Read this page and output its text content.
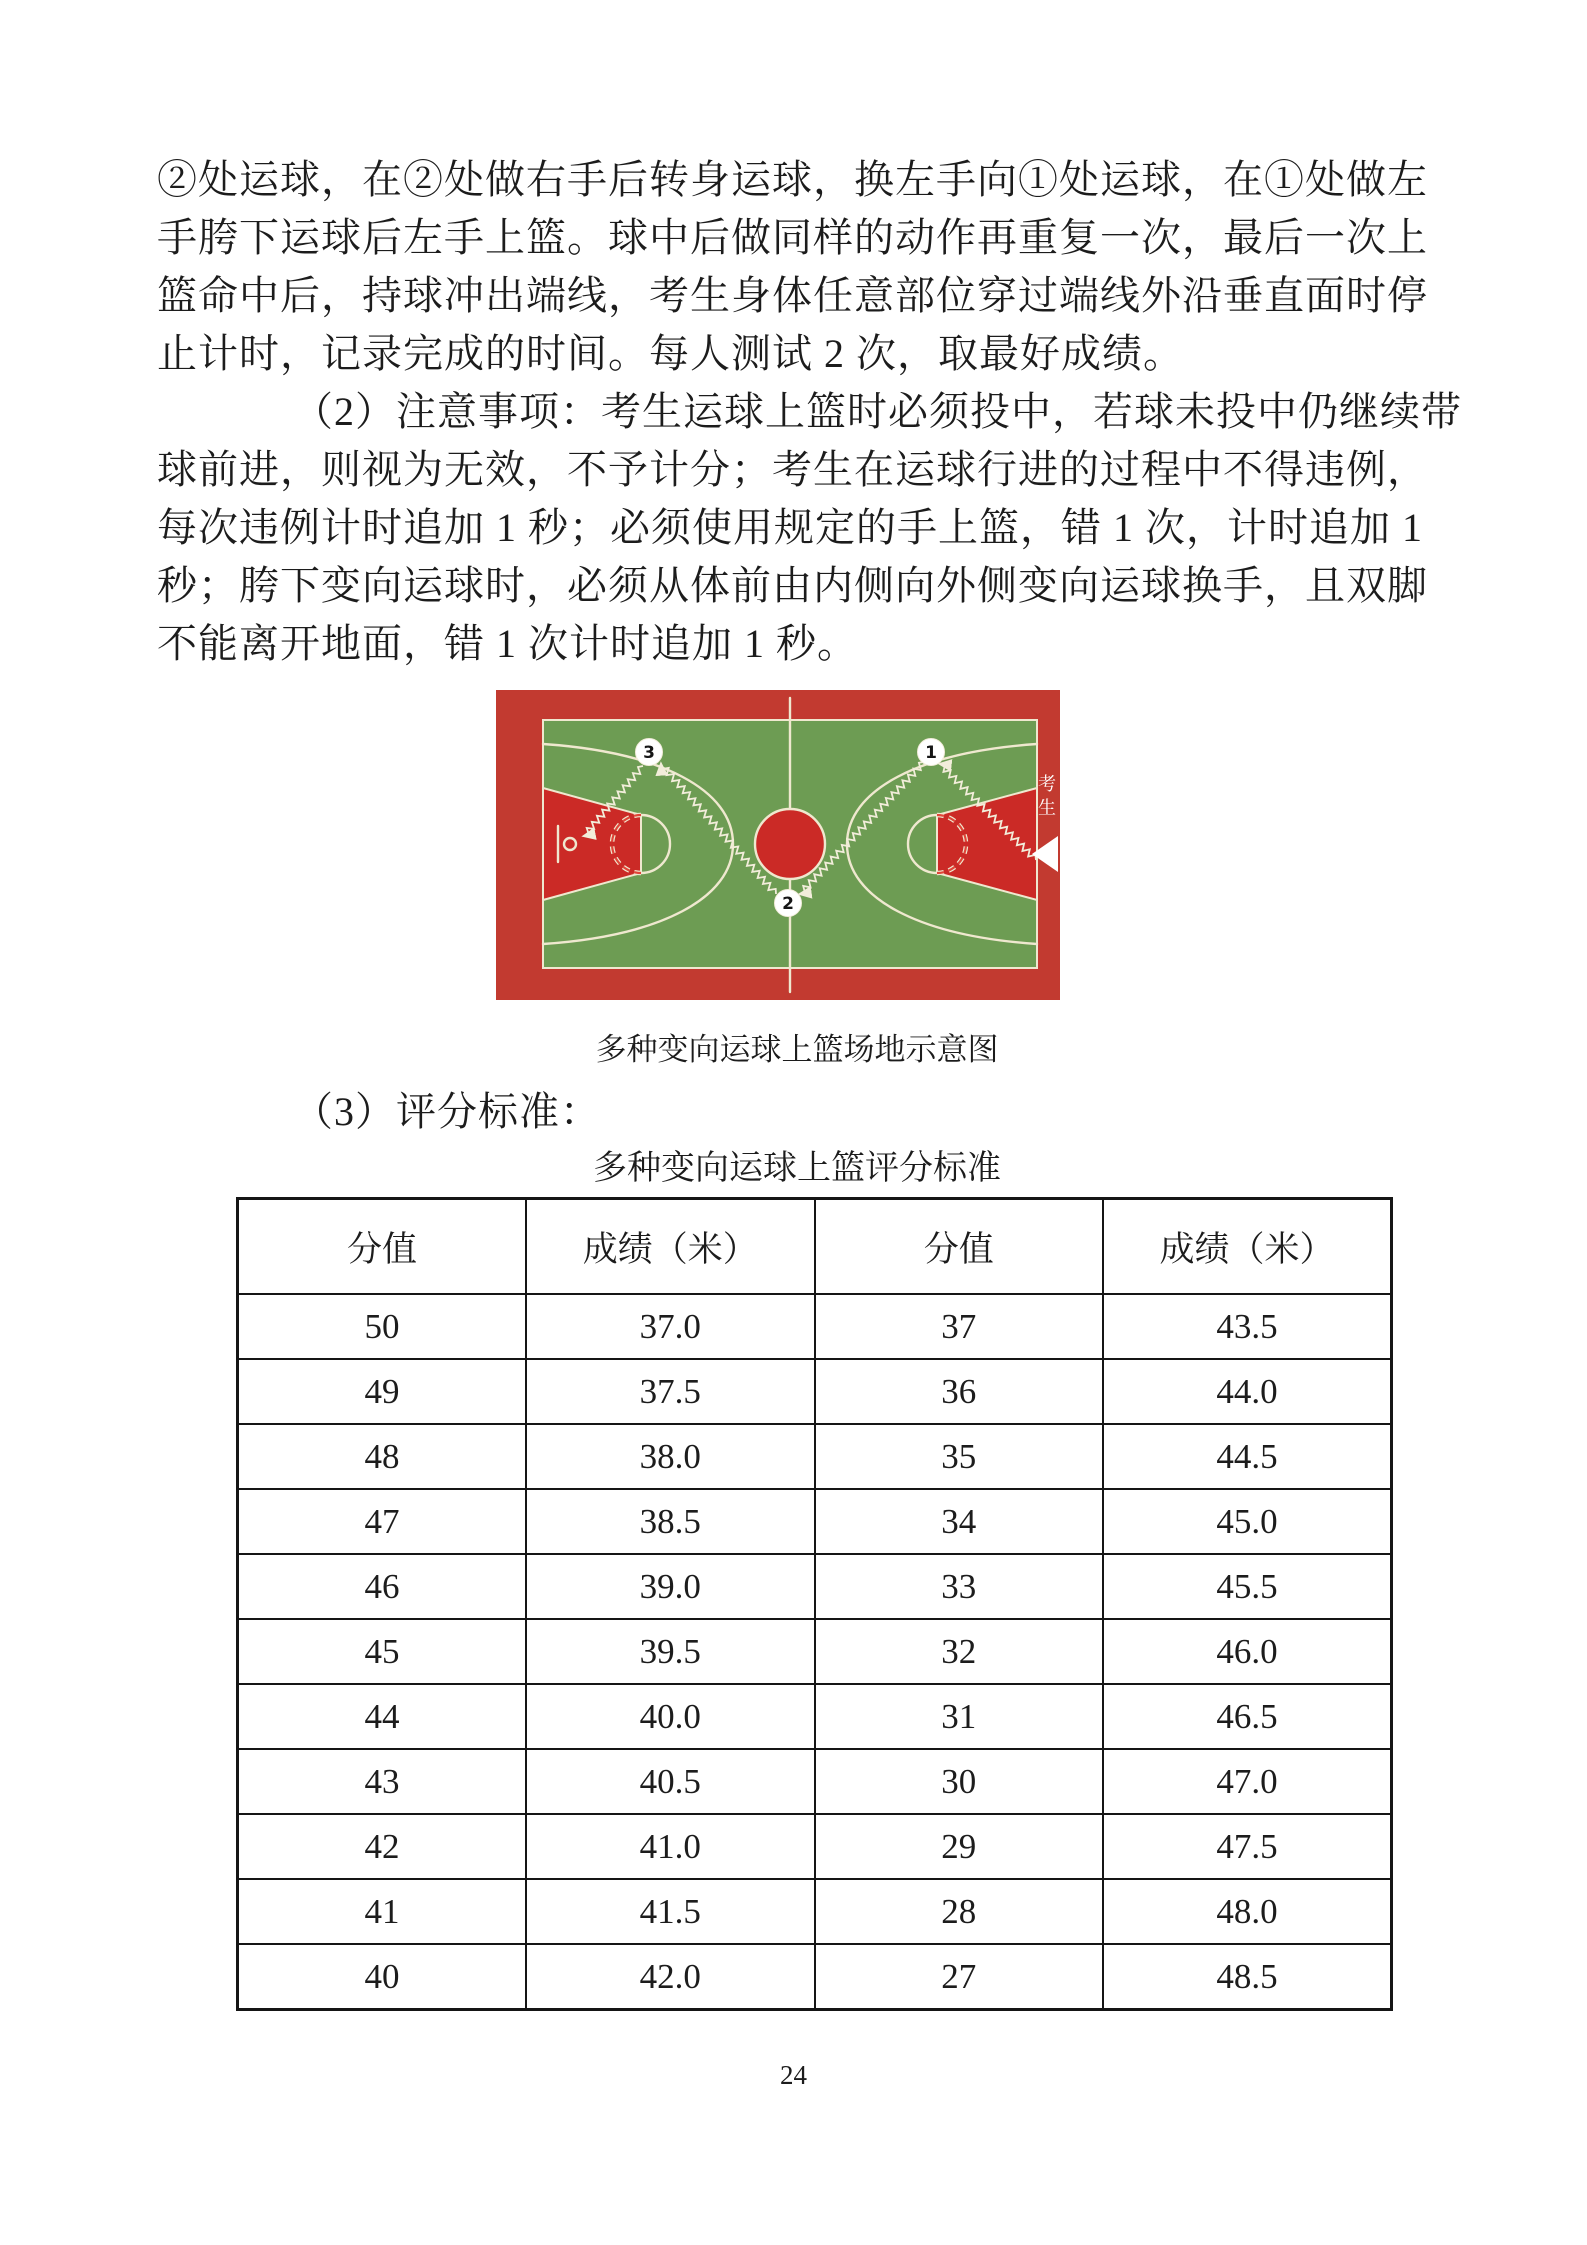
②处运球，在②处做右手后转身运球，换左手向①处运球，在①处做左
手胯下运球后左手上篮。球中后做同样的动作再重复一次，最后一次上
篮命中后，持球冲出端线，考生身体任意部位穿过端线外沿垂直面时停
止计时，记录完成的时间。每人测试 2 次，取最好成绩。
（2）注意事项：考生运球上篮时必须投中，若球未投中仍继续带
球前进，则视为无效，不予计分；考生在运球行进的过程中不得违例，
每次违例计时追加 1 秒；必须使用规定的手上篮，错 1 次，计时追加 1
秒；胯下变向运球时，必须从体前由内侧向外侧变向运球换手，且双脚
不能离开地面，错 1 次计时追加 1 秒。
1
2
3
考生
多种变向运球上篮场地示意图
（3）评分标准：
多种变向运球上篮评分标准
分值	成绩（米）	分值	成绩（米）
50	37.0	37	43.5
49	37.5	36	44.0
48	38.0	35	44.5
47	38.5	34	45.0
46	39.0	33	45.5
45	39.5	32	46.0
44	40.0	31	46.5
43	40.5	30	47.0
42	41.0	29	47.5
41	41.5	28	48.0
40	42.0	27	48.5
24
